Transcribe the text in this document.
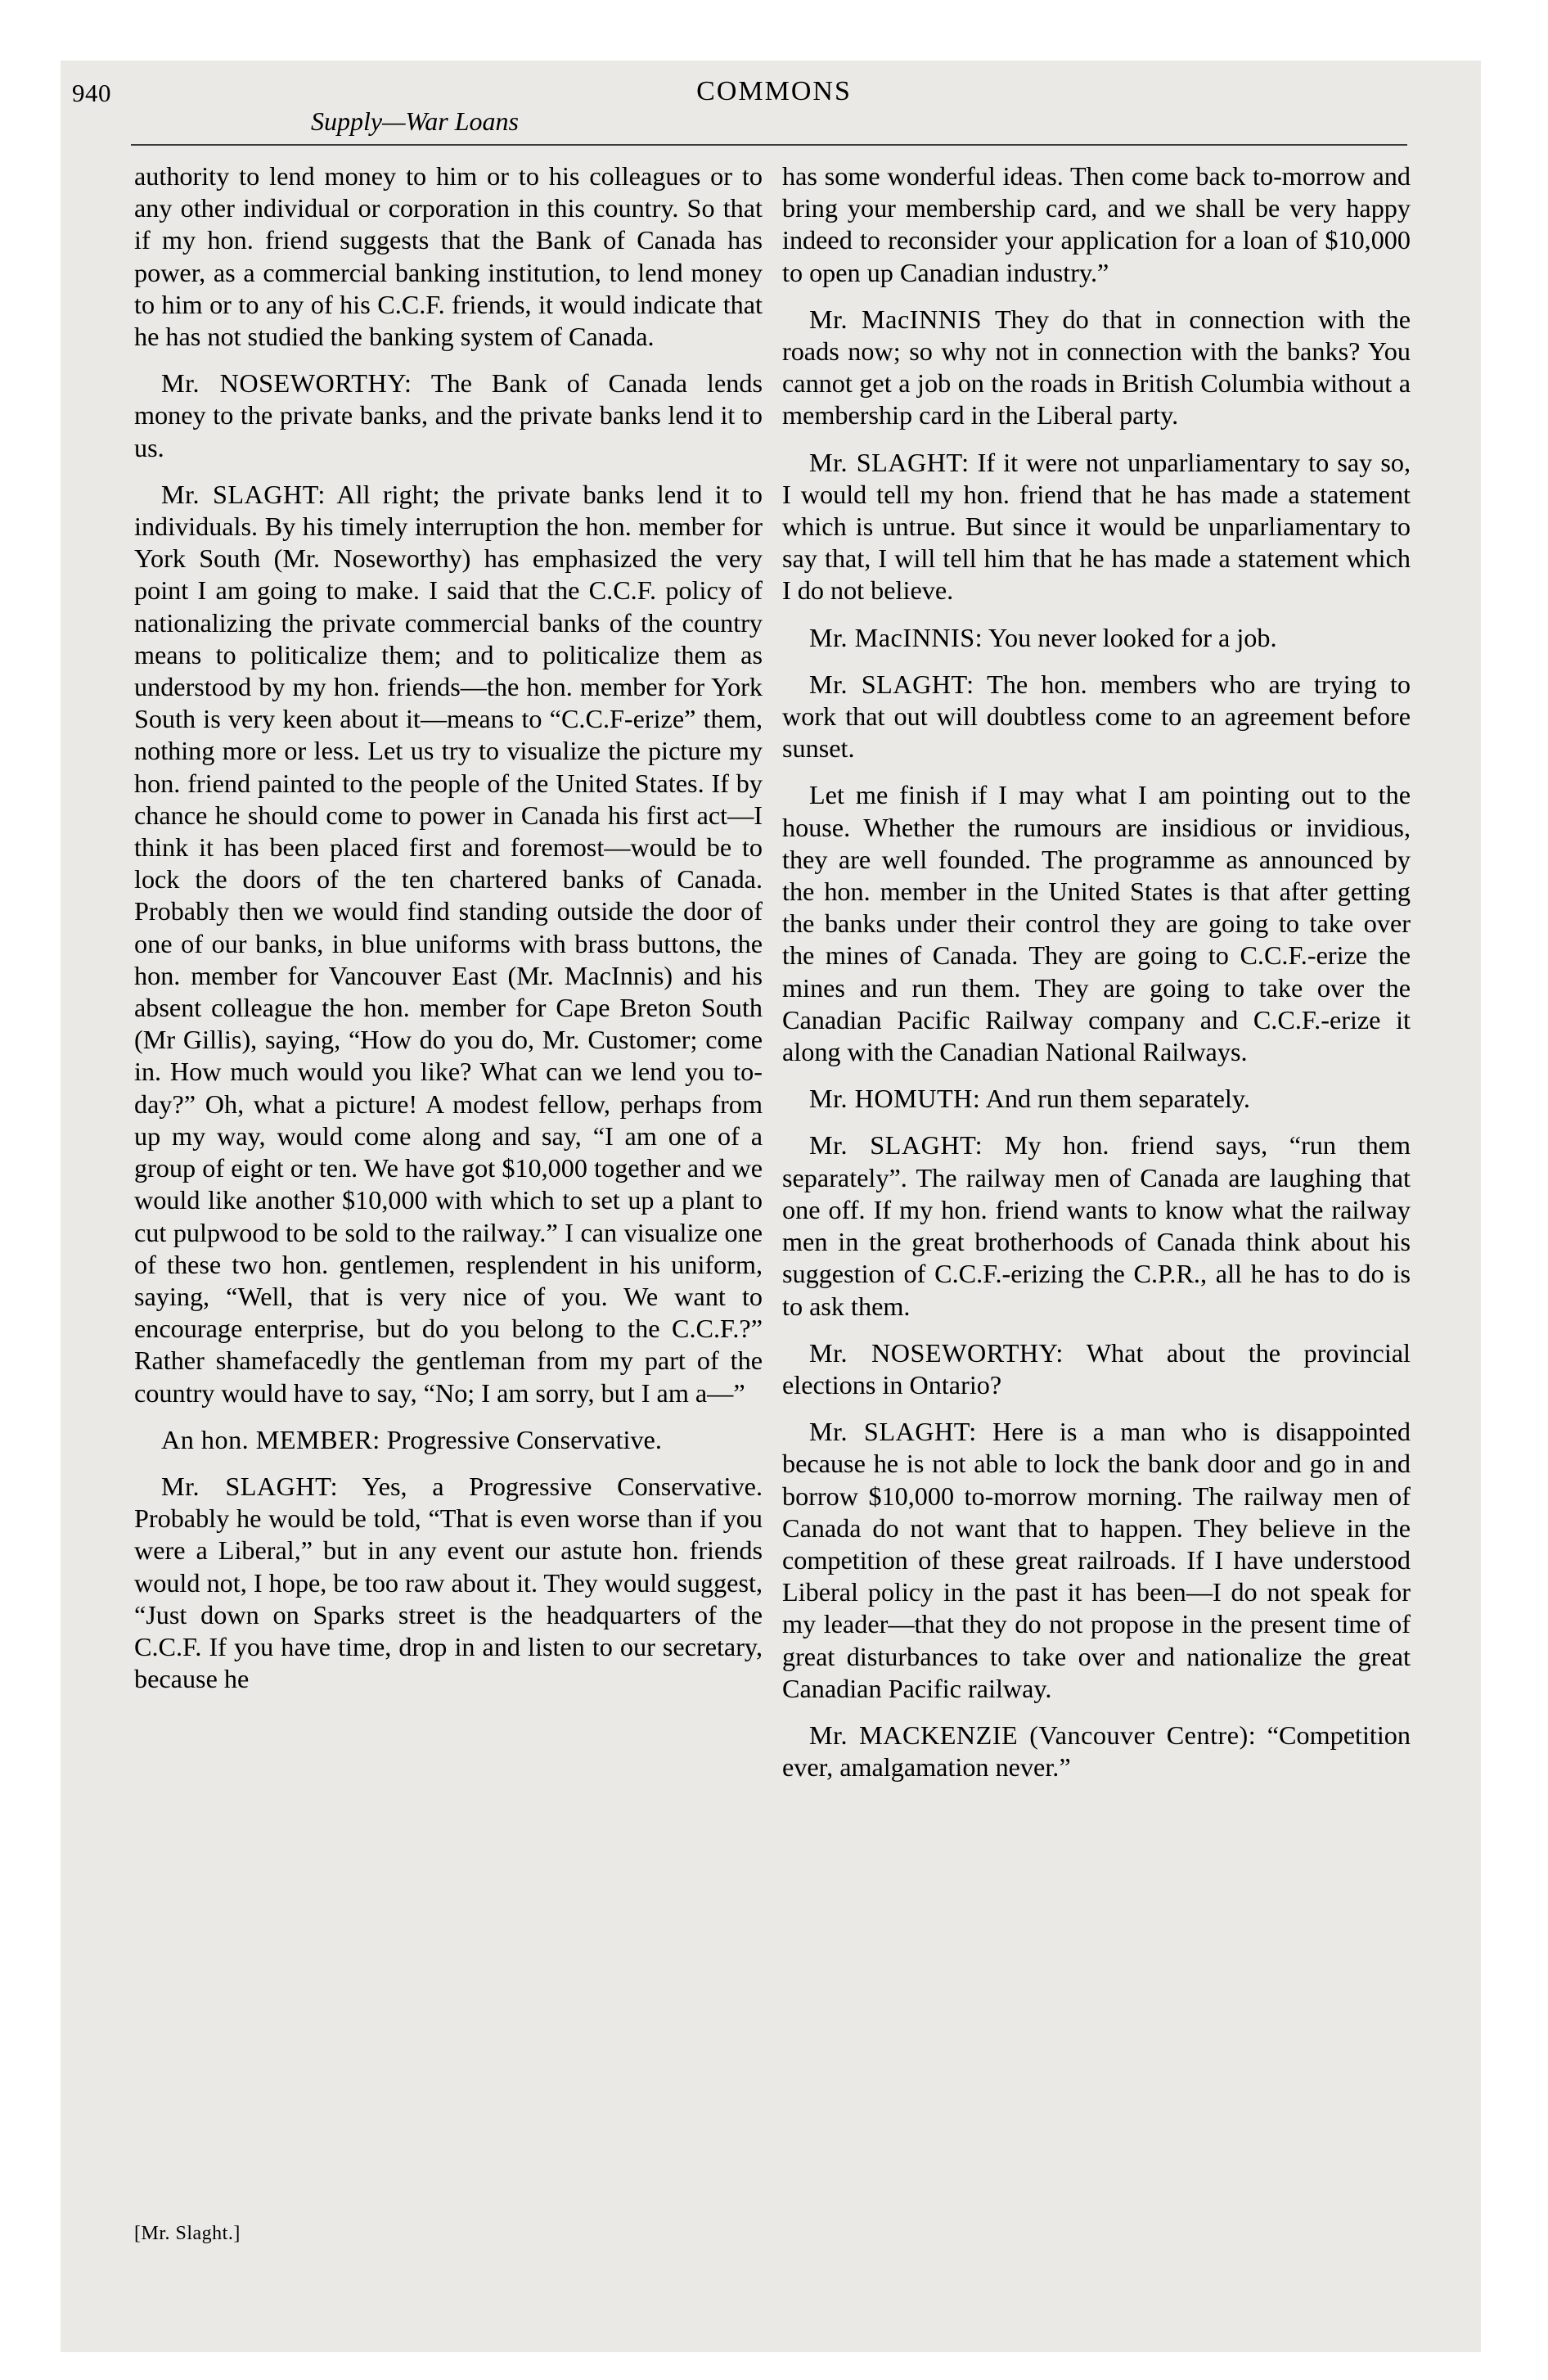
940	COMMONS
Supply—War Loans

authority to lend money to him or to his colleagues or to any other individual or corporation in this country. So that if my hon. friend suggests that the Bank of Canada has power, as a commercial banking institution, to lend money to him or to any of his C.C.F. friends, it would indicate that he has not studied the banking system of Canada.

Mr. NOSEWORTHY: The Bank of Canada lends money to the private banks, and the private banks lend it to us.

Mr. SLAGHT: All right; the private banks lend it to individuals. By his timely interruption the hon. member for York South (Mr. Noseworthy) has emphasized the very point I am going to make. I said that the C.C.F. policy of nationalizing the private commercial banks of the country means to politicalize them; and to politicalize them as understood by my hon. friends—the hon. member for York South is very keen about it—means to “C.C.F-erize” them, nothing more or less. Let us try to visualize the picture my hon. friend painted to the people of the United States. If by chance he should come to power in Canada his first act—I think it has been placed first and foremost—would be to lock the doors of the ten chartered banks of Canada. Probably then we would find standing outside the door of one of our banks, in blue uniforms with brass buttons, the hon. member for Vancouver East (Mr. MacInnis) and his absent colleague the hon. member for Cape Breton South (Mr Gillis), saying, “How do you do, Mr. Customer; come in. How much would you like? What can we lend you to-day?” Oh, what a picture! A modest fellow, perhaps from up my way, would come along and say, “I am one of a group of eight or ten. We have got $10,000 together and we would like another $10,000 with which to set up a plant to cut pulpwood to be sold to the railway.” I can visualize one of these two hon. gentlemen, resplendent in his uniform, saying, “Well, that is very nice of you. We want to encourage enterprise, but do you belong to the C.C.F.?” Rather shamefacedly the gentleman from my part of the country would have to say, “No; I am sorry, but I am a—”

An hon. MEMBER: Progressive Conservative.

Mr. SLAGHT: Yes, a Progressive Conservative. Probably he would be told, “That is even worse than if you were a Liberal,” but in any event our astute hon. friends would not, I hope, be too raw about it. They would suggest, “Just down on Sparks street is the headquarters of the C.C.F. If you have time, drop in and listen to our secretary, because he

has some wonderful ideas. Then come back to-morrow and bring your membership card, and we shall be very happy indeed to reconsider your application for a loan of $10,000 to open up Canadian industry.”

Mr. MacINNIS They do that in connection with the roads now; so why not in connection with the banks? You cannot get a job on the roads in British Columbia without a membership card in the Liberal party.

Mr. SLAGHT: If it were not unparliamentary to say so, I would tell my hon. friend that he has made a statement which is untrue. But since it would be unparliamentary to say that, I will tell him that he has made a statement which I do not believe.

Mr. MacINNIS: You never looked for a job.

Mr. SLAGHT: The hon. members who are trying to work that out will doubtless come to an agreement before sunset.

Let me finish if I may what I am pointing out to the house. Whether the rumours are insidious or invidious, they are well founded. The programme as announced by the hon. member in the United States is that after getting the banks under their control they are going to take over the mines of Canada. They are going to C.C.F.-erize the mines and run them. They are going to take over the Canadian Pacific Railway company and C.C.F.-erize it along with the Canadian National Railways.

Mr. HOMUTH: And run them separately.

Mr. SLAGHT: My hon. friend says, “run them separately”. The railway men of Canada are laughing that one off. If my hon. friend wants to know what the railway men in the great brotherhoods of Canada think about his suggestion of C.C.F.-erizing the C.P.R., all he has to do is to ask them.

Mr. NOSEWORTHY: What about the provincial elections in Ontario?

Mr. SLAGHT: Here is a man who is disappointed because he is not able to lock the bank door and go in and borrow $10,000 to-morrow morning. The railway men of Canada do not want that to happen. They believe in the competition of these great railroads. If I have understood Liberal policy in the past it has been—I do not speak for my leader—that they do not propose in the present time of great disturbances to take over and nationalize the great Canadian Pacific railway.

Mr. MACKENZIE (Vancouver Centre): “Competition ever, amalgamation never.”

[Mr. Slaght.]
